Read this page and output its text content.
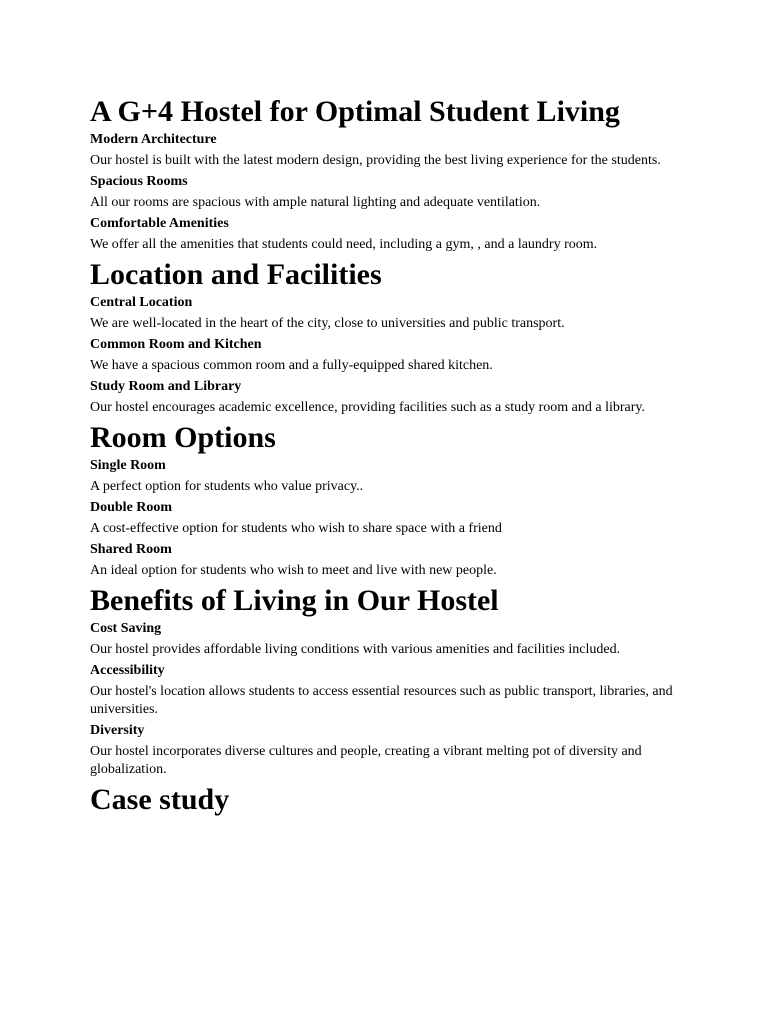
A G+4 Hostel for Optimal Student Living
Modern Architecture
Our hostel is built with the latest modern design, providing the best living experience for the students.
Spacious Rooms
All our rooms are spacious with ample natural lighting and adequate ventilation.
Comfortable Amenities
We offer all the amenities that students could need, including a gym, , and a laundry room.
Location and Facilities
Central Location
We are well-located in the heart of the city, close to universities and public transport.
Common Room and Kitchen
We have a spacious common room and a fully-equipped shared kitchen.
Study Room and Library
Our hostel encourages academic excellence, providing facilities such as a study room and a library.
Room Options
Single Room
A perfect option for students who value privacy..
Double Room
A cost-effective option for students who wish to share space with a friend
Shared Room
An ideal option for students who wish to meet and live with new people.
Benefits of Living in Our Hostel
Cost Saving
Our hostel provides affordable living conditions with various amenities and facilities included.
Accessibility
Our hostel's location allows students to access essential resources such as public transport, libraries, and universities.
Diversity
Our hostel incorporates diverse cultures and people, creating a vibrant melting pot of diversity and globalization.
Case study
